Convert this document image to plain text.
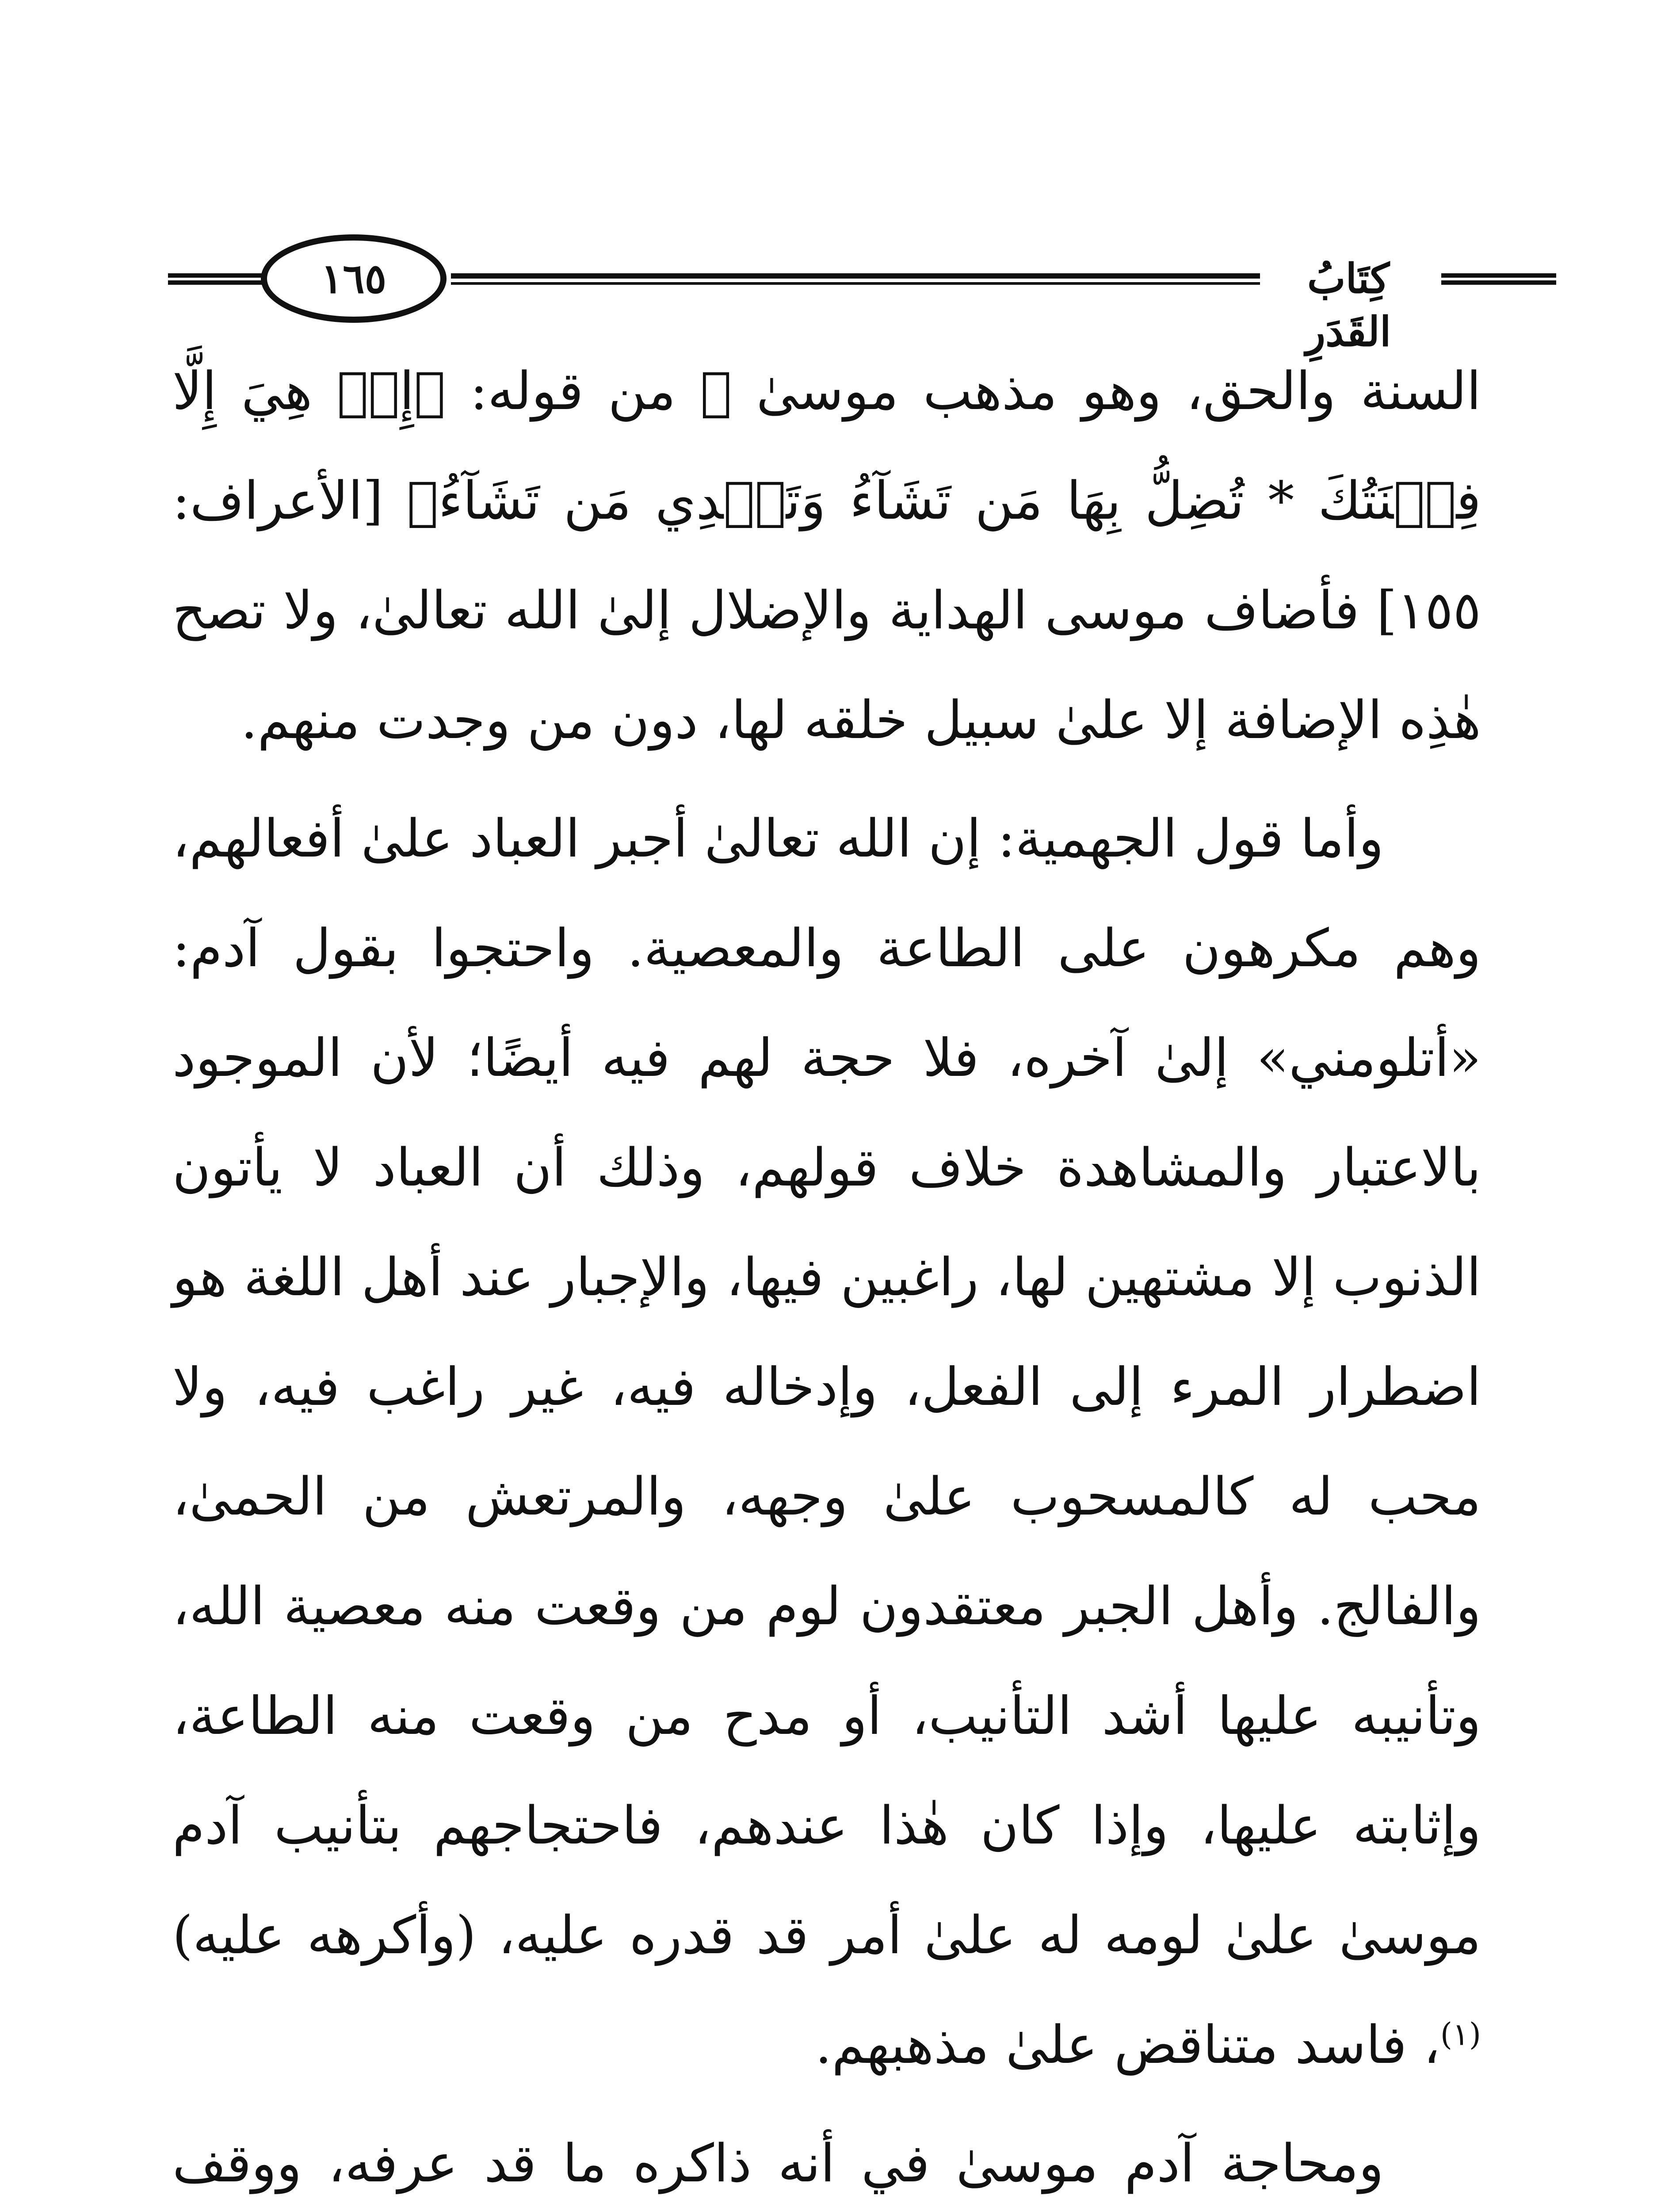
١٦٥	كِتَابُ القَدَرِ

السنة والحق، وهو مذهب موسىٰ ﷺ من قوله: ﴿إِنۡ هِيَ إِلَّا فِتۡنَتُكَ * تُضِلُّ بِهَا مَن تَشَآءُ وَتَهۡدِي مَن تَشَآءُ﴾ [الأعراف: ١٥٥] فأضاف موسى الهداية والإضلال إلىٰ الله تعالىٰ، ولا تصح هٰذِه الإضافة إلا علىٰ سبيل خلقه لها، دون من وجدت منهم.

وأما قول الجهمية: إن الله تعالىٰ أجبر العباد علىٰ أفعالهم، وهم مكرهون على الطاعة والمعصية. واحتجوا بقول آدم: «أتلومني» إلىٰ آخره، فلا حجة لهم فيه أيضًا؛ لأن الموجود بالاعتبار والمشاهدة خلاف قولهم، وذلك أن العباد لا يأتون الذنوب إلا مشتهين لها، راغبين فيها، والإجبار عند أهل اللغة هو اضطرار المرء إلى الفعل، وإدخاله فيه، غير راغب فيه، ولا محب له كالمسحوب علىٰ وجهه، والمرتعش من الحمىٰ، والفالج. وأهل الجبر معتقدون لوم من وقعت منه معصية الله، وتأنيبه عليها أشد التأنيب، أو مدح من وقعت منه الطاعة، وإثابته عليها، وإذا كان هٰذا عندهم، فاحتجاجهم بتأنيب آدم موسىٰ علىٰ لومه له علىٰ أمر قد قدره عليه، (وأكرهه عليه)$^{(١)}$، فاسد متناقض علىٰ مذهبهم.

ومحاجة آدم موسىٰ في أنه ذاكره ما قد عرفه، ووقف
